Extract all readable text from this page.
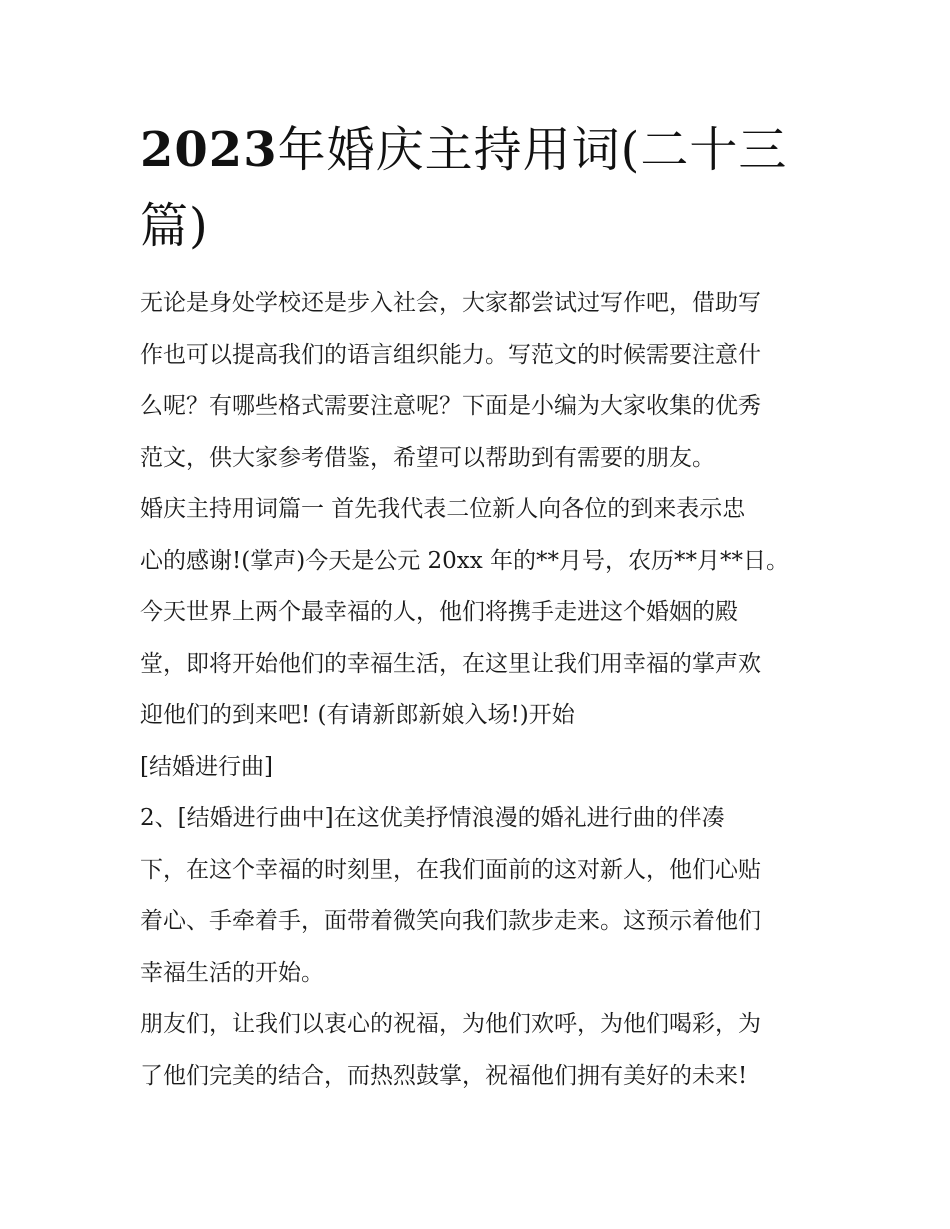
2023年婚庆主持用词(二十三
篇)
无论是身处学校还是步入社会，大家都尝试过写作吧，借助写
作也可以提高我们的语言组织能力。写范文的时候需要注意什
么呢？有哪些格式需要注意呢？下面是小编为大家收集的优秀
范文，供大家参考借鉴，希望可以帮助到有需要的朋友。
婚庆主持用词篇一 首先我代表二位新人向各位的到来表示忠
心的感谢!(掌声)今天是公元 20xx 年的**月号，农历**月**日。
今天世界上两个最幸福的人，他们将携手走进这个婚姻的殿
堂，即将开始他们的幸福生活，在这里让我们用幸福的掌声欢
迎他们的到来吧! (有请新郎新娘入场!)开始
[结婚进行曲]
2、[结婚进行曲中]在这优美抒情浪漫的婚礼进行曲的伴凑
下，在这个幸福的时刻里，在我们面前的这对新人，他们心贴
着心、手牵着手，面带着微笑向我们款步走来。这预示着他们
幸福生活的开始。
朋友们，让我们以衷心的祝福，为他们欢呼，为他们喝彩，为
了他们完美的结合，而热烈鼓掌，祝福他们拥有美好的未来!
